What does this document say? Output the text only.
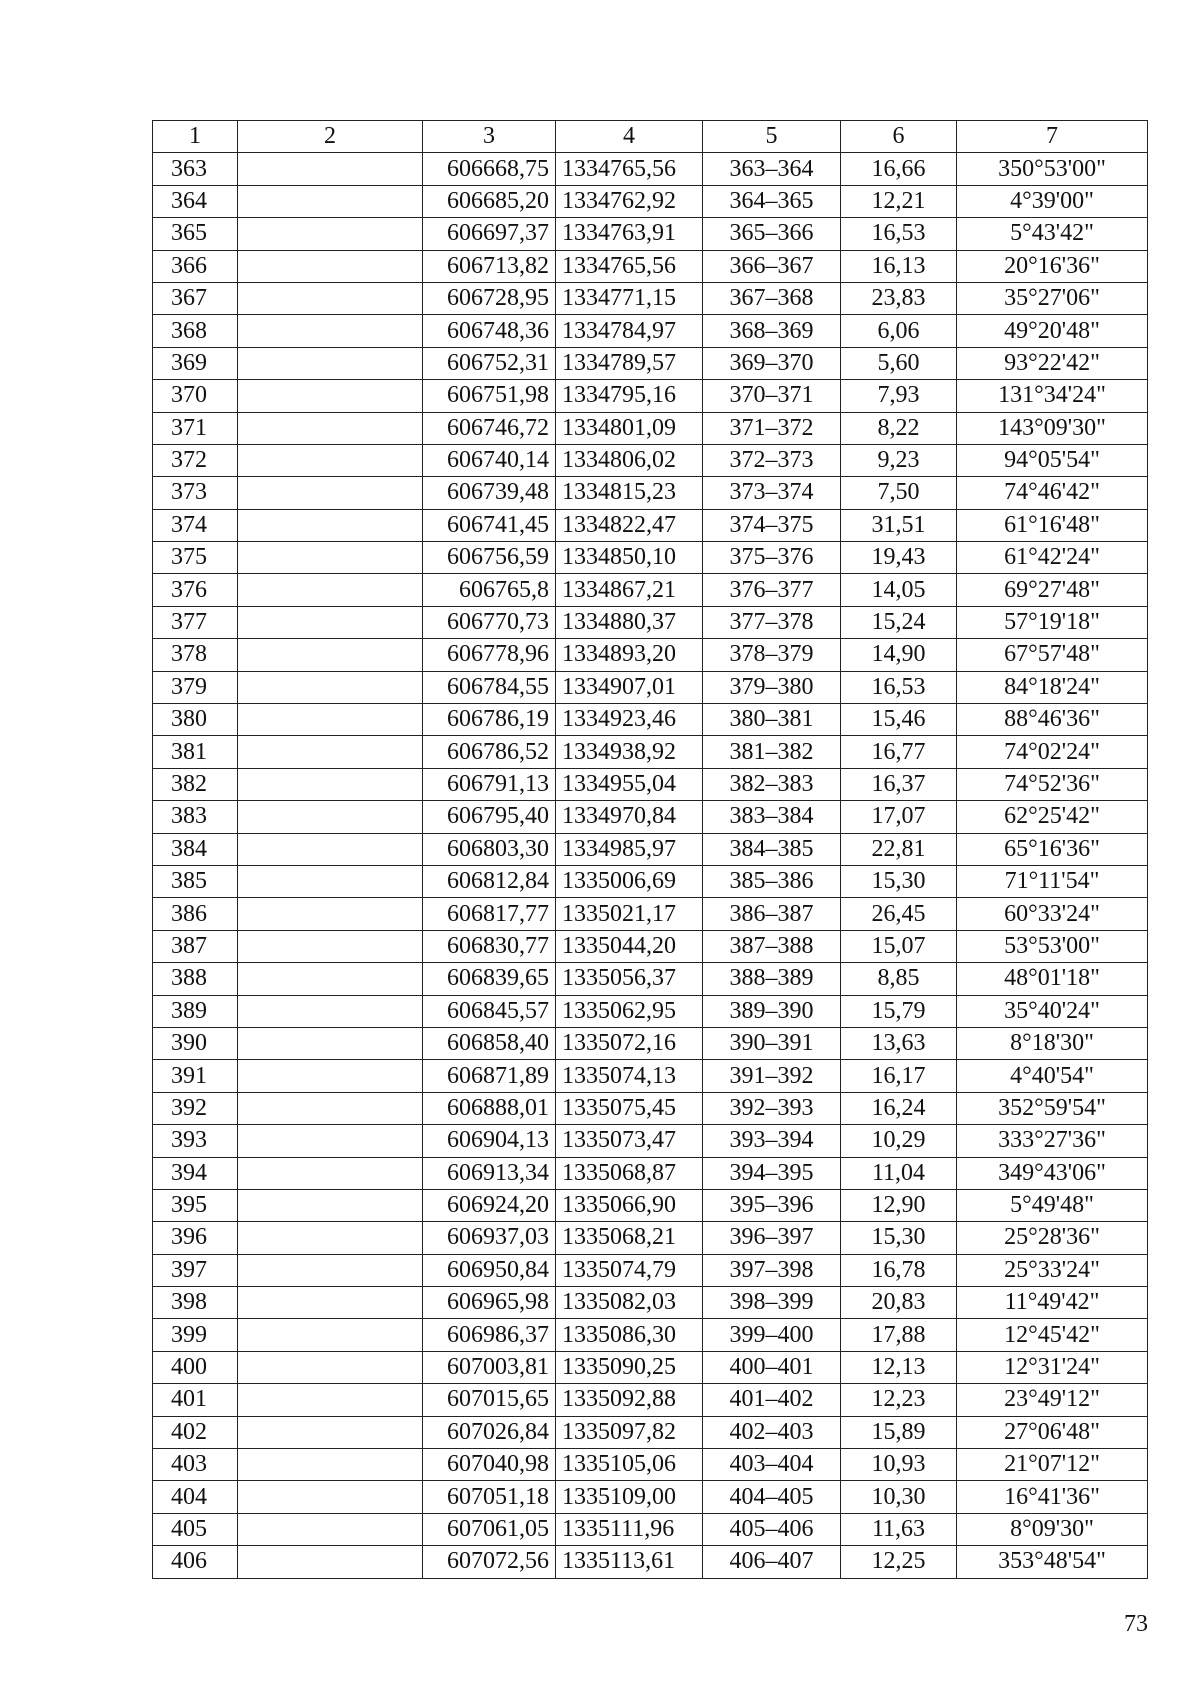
1	2	3	4	5	6	7
363		606668,75	1334765,56	363–364	16,66	350°53'00"
364		606685,20	1334762,92	364–365	12,21	4°39'00"
365		606697,37	1334763,91	365–366	16,53	5°43'42"
366		606713,82	1334765,56	366–367	16,13	20°16'36"
367		606728,95	1334771,15	367–368	23,83	35°27'06"
368		606748,36	1334784,97	368–369	6,06	49°20'48"
369		606752,31	1334789,57	369–370	5,60	93°22'42"
370		606751,98	1334795,16	370–371	7,93	131°34'24"
371		606746,72	1334801,09	371–372	8,22	143°09'30"
372		606740,14	1334806,02	372–373	9,23	94°05'54"
373		606739,48	1334815,23	373–374	7,50	74°46'42"
374		606741,45	1334822,47	374–375	31,51	61°16'48"
375		606756,59	1334850,10	375–376	19,43	61°42'24"
376		606765,8	1334867,21	376–377	14,05	69°27'48"
377		606770,73	1334880,37	377–378	15,24	57°19'18"
378		606778,96	1334893,20	378–379	14,90	67°57'48"
379		606784,55	1334907,01	379–380	16,53	84°18'24"
380		606786,19	1334923,46	380–381	15,46	88°46'36"
381		606786,52	1334938,92	381–382	16,77	74°02'24"
382		606791,13	1334955,04	382–383	16,37	74°52'36"
383		606795,40	1334970,84	383–384	17,07	62°25'42"
384		606803,30	1334985,97	384–385	22,81	65°16'36"
385		606812,84	1335006,69	385–386	15,30	71°11'54"
386		606817,77	1335021,17	386–387	26,45	60°33'24"
387		606830,77	1335044,20	387–388	15,07	53°53'00"
388		606839,65	1335056,37	388–389	8,85	48°01'18"
389		606845,57	1335062,95	389–390	15,79	35°40'24"
390		606858,40	1335072,16	390–391	13,63	8°18'30"
391		606871,89	1335074,13	391–392	16,17	4°40'54"
392		606888,01	1335075,45	392–393	16,24	352°59'54"
393		606904,13	1335073,47	393–394	10,29	333°27'36"
394		606913,34	1335068,87	394–395	11,04	349°43'06"
395		606924,20	1335066,90	395–396	12,90	5°49'48"
396		606937,03	1335068,21	396–397	15,30	25°28'36"
397		606950,84	1335074,79	397–398	16,78	25°33'24"
398		606965,98	1335082,03	398–399	20,83	11°49'42"
399		606986,37	1335086,30	399–400	17,88	12°45'42"
400		607003,81	1335090,25	400–401	12,13	12°31'24"
401		607015,65	1335092,88	401–402	12,23	23°49'12"
402		607026,84	1335097,82	402–403	15,89	27°06'48"
403		607040,98	1335105,06	403–404	10,93	21°07'12"
404		607051,18	1335109,00	404–405	10,30	16°41'36"
405		607061,05	1335111,96	405–406	11,63	8°09'30"
406		607072,56	1335113,61	406–407	12,25	353°48'54"
73
